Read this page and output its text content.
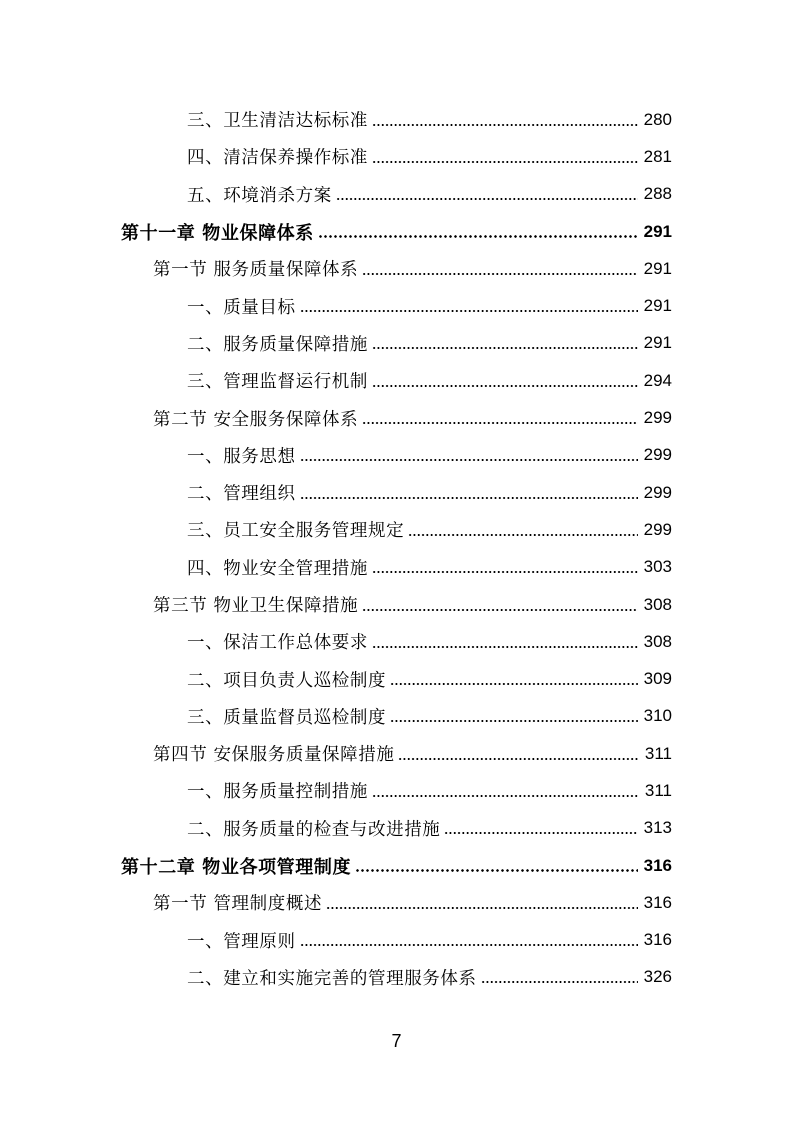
三、卫生清洁达标标准	280
四、清洁保养操作标准	281
五、环境消杀方案	288
第十一章 物业保障体系	291
第一节 服务质量保障体系	291
一、质量目标	291
二、服务质量保障措施	291
三、管理监督运行机制	294
第二节 安全服务保障体系	299
一、服务思想	299
二、管理组织	299
三、员工安全服务管理规定	299
四、物业安全管理措施	303
第三节 物业卫生保障措施	308
一、保洁工作总体要求	308
二、项目负责人巡检制度	309
三、质量监督员巡检制度	310
第四节 安保服务质量保障措施	311
一、服务质量控制措施	311
二、服务质量的检查与改进措施	313
第十二章 物业各项管理制度	316
第一节 管理制度概述	316
一、管理原则	316
二、建立和实施完善的管理服务体系	326
7
